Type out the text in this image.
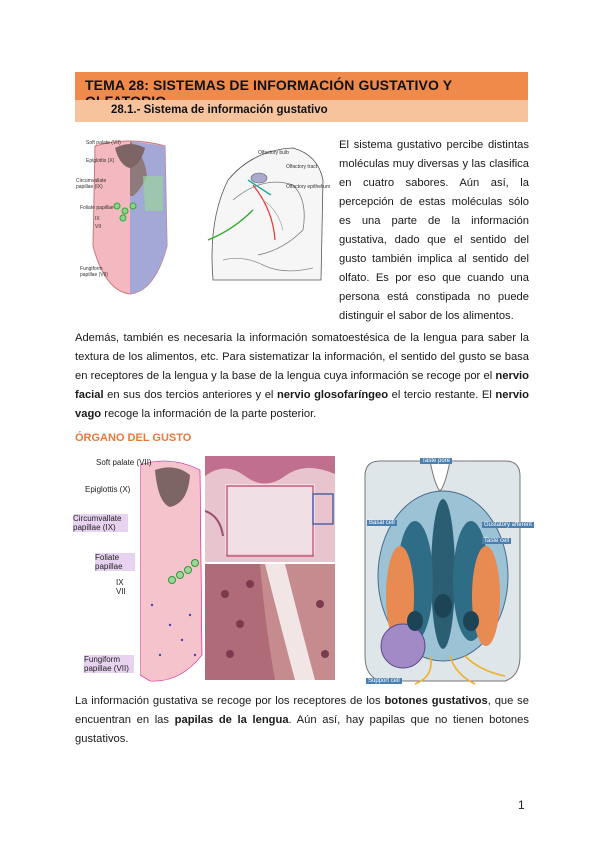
TEMA 28: SISTEMAS DE INFORMACIÓN GUSTATIVO Y
28.1.- Sistema de información gustativo
Soft palate (VII)
Epiglottis (X)
Circumvallate papillae (IX)
Foliate papillae
IX
VII
Fungiform papillae (VII)
Olfactory bulb
Olfactory tract
Olfactory epithelium
El sistema gustativo percibe distintas moléculas muy diversas y las clasifica en cuatro sabores. Aún así, la percepción de estas moléculas sólo es una parte de la información gustativa, dado que el sentido del gusto también implica al sentido del olfato. Es por eso que cuando una persona está constipada no puede distinguir el sabor de los alimentos.
Además, también es necesaria la información somatoestésica de la lengua para saber la textura de los alimentos, etc. Para sistematizar la información, el sentido del gusto se basa en receptores de la lengua y la base de la lengua cuya información se recoge por el nervio facial en sus dos tercios anteriores y el nervio glosofaríngeo el tercio restante. El nervio vago recoge la información de la parte posterior.
ÓRGANO DEL GUSTO
Soft palate (VII)
Epiglottis (X)
Circumvallate papillae (IX)
Foliate papillae
IX
VII
Fungiform papillae (VII)
Taste pore
Basal cell	Gustatory afferent
Taste cell
Support cell
La información gustativa se recoge por los receptores de los botones gustativos, que se encuentran en las papilas de la lengua. Aún así, hay papilas que no tienen botones gustativos.
1
